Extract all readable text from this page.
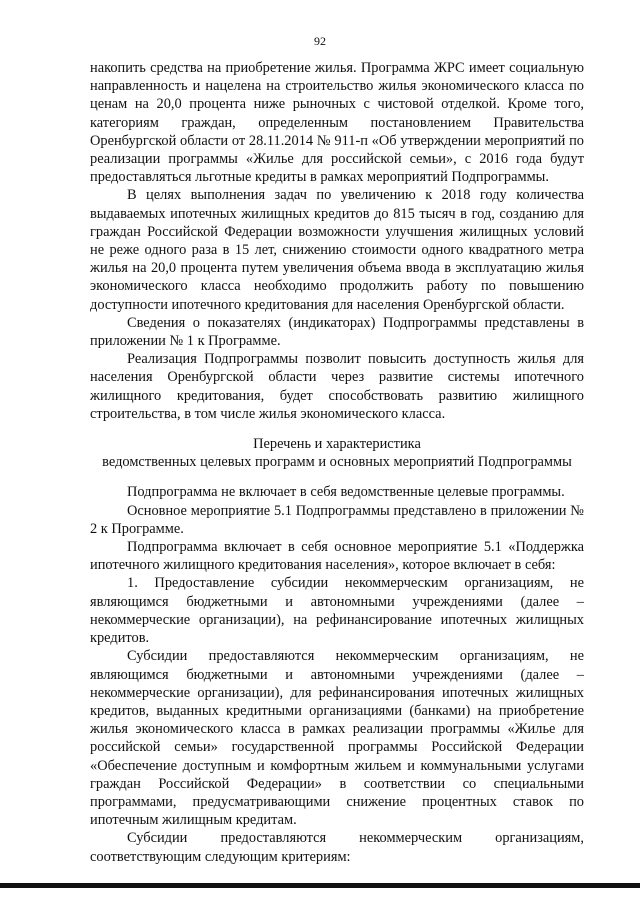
92

накопить средства на приобретение жилья. Программа ЖРС имеет социальную направленность и нацелена на строительство жилья экономического класса по ценам на 20,0 процента ниже рыночных с чистовой отделкой. Кроме того, категориям граждан, определенным постановлением Правительства Оренбургской области от 28.11.2014 № 911-п «Об утверждении мероприятий по реализации программы «Жилье для российской семьи», с 2016 года будут предоставляться льготные кредиты в рамках мероприятий Подпрограммы.

В целях выполнения задач по увеличению к 2018 году количества выдаваемых ипотечных жилищных кредитов до 815 тысяч в год, созданию для граждан Российской Федерации возможности улучшения жилищных условий не реже одного раза в 15 лет, снижению стоимости одного квадратного метра жилья на 20,0 процента путем увеличения объема ввода в эксплуатацию жилья экономического класса необходимо продолжить работу по повышению доступности ипотечного кредитования для населения Оренбургской области.

Сведения о показателях (индикаторах) Подпрограммы представлены в приложении № 1 к Программе.

Реализация Подпрограммы позволит повысить доступность жилья для населения Оренбургской области через развитие системы ипотечного жилищного кредитования, будет способствовать развитию жилищного строительства, в том числе жилья экономического класса.

Перечень и характеристика
ведомственных целевых программ и основных мероприятий Подпрограммы

Подпрограмма не включает в себя ведомственные целевые программы.

Основное мероприятие 5.1 Подпрограммы представлено в приложении № 2 к Программе.

Подпрограмма включает в себя основное мероприятие 5.1 «Поддержка ипотечного жилищного кредитования населения», которое включает в себя:

1. Предоставление субсидии некоммерческим организациям, не являющимся бюджетными и автономными учреждениями (далее – некоммерческие организации), на рефинансирование ипотечных жилищных кредитов.

Субсидии предоставляются некоммерческим организациям, не являющимся бюджетными и автономными учреждениями (далее – некоммерческие организации), для рефинансирования ипотечных жилищных кредитов, выданных кредитными организациями (банками) на приобретение жилья экономического класса в рамках реализации программы «Жилье для российской семьи» государственной программы Российской Федерации «Обеспечение доступным и комфортным жильем и коммунальными услугами граждан Российской Федерации» в соответствии со специальными программами, предусматривающими снижение процентных ставок по ипотечным жилищным кредитам.

Субсидии предоставляются некоммерческим организациям, соответствующим следующим критериям:
